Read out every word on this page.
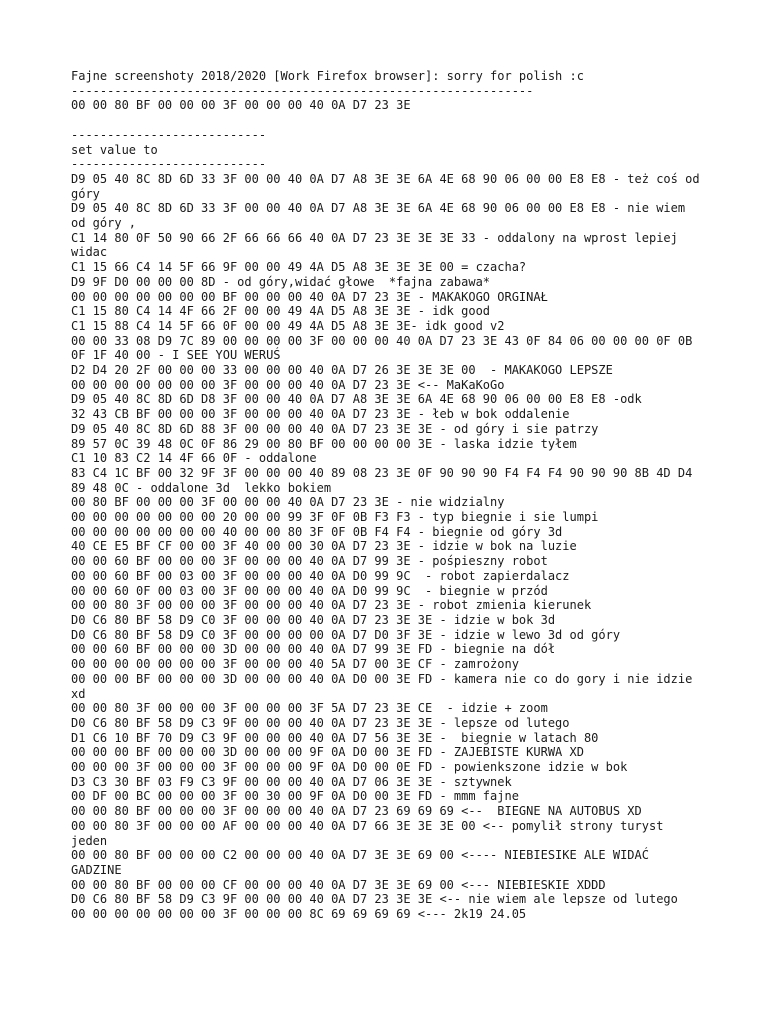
Fajne screenshoty 2018/2020 [Work Firefox browser]: sorry for polish :c
----------------------------------------------------------------
00 00 80 BF 00 00 00 3F 00 00 00 40 0A D7 23 3E
---------------------------
set value to
---------------------------
D9 05 40 8C 8D 6D 33 3F 00 00 40 0A D7 A8 3E 3E 6A 4E 68 90 06 00 00 E8 E8 - też coś od góry
D9 05 40 8C 8D 6D 33 3F 00 00 40 0A D7 A8 3E 3E 6A 4E 68 90 06 00 00 E8 E8 - nie wiem od góry ,
C1 14 80 0F 50 90 66 2F 66 66 66 40 0A D7 23 3E 3E 3E 33 - oddalony na wprost lepiej widac
C1 15 66 C4 14 5F 66 9F 00 00 49 4A D5 A8 3E 3E 3E 00 = czacha?
D9 9F D0 00 00 00 8D - od góry,widać głowe  *fajna zabawa*
00 00 00 00 00 00 00 BF 00 00 00 40 0A D7 23 3E - MAKAKOGO ORGINAŁ
C1 15 80 C4 14 4F 66 2F 00 00 49 4A D5 A8 3E 3E - idk good
C1 15 88 C4 14 5F 66 0F 00 00 49 4A D5 A8 3E 3E- idk good v2
00 00 33 08 D9 7C 89 00 00 00 00 3F 00 00 00 40 0A D7 23 3E 43 0F 84 06 00 00 00 0F 0B 0F 1F 40 00 - I SEE YOU WERUŚ
D2 D4 20 2F 00 00 00 33 00 00 00 40 0A D7 26 3E 3E 3E 00  - MAKAKOGO LEPSZE
00 00 00 00 00 00 00 3F 00 00 00 40 0A D7 23 3E <-- MaKaKoGo
D9 05 40 8C 8D 6D D8 3F 00 00 40 0A D7 A8 3E 3E 6A 4E 68 90 06 00 00 E8 E8 -odk
32 43 CB BF 00 00 00 3F 00 00 00 40 0A D7 23 3E - łeb w bok oddalenie
D9 05 40 8C 8D 6D 88 3F 00 00 00 40 0A D7 23 3E 3E - od góry i sie patrzy
89 57 0C 39 48 0C 0F 86 29 00 80 BF 00 00 00 00 3E - laska idzie tyłem
C1 10 83 C2 14 4F 66 0F - oddalone
83 C4 1C BF 00 32 9F 3F 00 00 00 40 89 08 23 3E 0F 90 90 90 F4 F4 F4 90 90 90 8B 4D D4 89 48 0C - oddalone 3d  lekko bokiem
00 80 BF 00 00 00 3F 00 00 00 40 0A D7 23 3E - nie widzialny
00 00 00 00 00 00 00 20 00 00 99 3F 0F 0B F3 F3 - typ biegnie i sie lumpi
00 00 00 00 00 00 00 40 00 00 80 3F 0F 0B F4 F4 - biegnie od góry 3d
40 CE E5 BF CF 00 00 3F 40 00 00 30 0A D7 23 3E - idzie w bok na luzie
00 00 60 BF 00 00 00 3F 00 00 00 40 0A D7 99 3E - pośpieszny robot
00 00 60 BF 00 03 00 3F 00 00 00 40 0A D0 99 9C  - robot zapierdalacz
00 00 60 0F 00 03 00 3F 00 00 00 40 0A D0 99 9C  - biegnie w przód
00 00 80 3F 00 00 00 3F 00 00 00 40 0A D7 23 3E - robot zmienia kierunek
D0 C6 80 BF 58 D9 C0 3F 00 00 00 40 0A D7 23 3E 3E - idzie w bok 3d
D0 C6 80 BF 58 D9 C0 3F 00 00 00 00 0A D7 D0 3F 3E - idzie w lewo 3d od góry
00 00 60 BF 00 00 00 3D 00 00 00 40 0A D7 99 3E FD - biegnie na dół
00 00 00 00 00 00 00 3F 00 00 00 40 5A D7 00 3E CF - zamrożony
00 00 00 BF 00 00 00 3D 00 00 00 40 0A D0 00 3E FD - kamera nie co do gory i nie idzie xd
00 00 80 3F 00 00 00 3F 00 00 00 3F 5A D7 23 3E CE  - idzie + zoom
D0 C6 80 BF 58 D9 C3 9F 00 00 00 40 0A D7 23 3E 3E - lepsze od lutego
D1 C6 10 BF 70 D9 C3 9F 00 00 00 40 0A D7 56 3E 3E -  biegnie w latach 80
00 00 00 BF 00 00 00 3D 00 00 00 9F 0A D0 00 3E FD - ZAJEBISTE KURWA XD
00 00 00 3F 00 00 00 3F 00 00 00 9F 0A D0 00 0E FD - powienkszone idzie w bok
D3 C3 30 BF 03 F9 C3 9F 00 00 00 40 0A D7 06 3E 3E - sztywnek
00 DF 00 BC 00 00 00 3F 00 30 00 9F 0A D0 00 3E FD - mmm fajne
00 00 80 BF 00 00 00 3F 00 00 00 40 0A D7 23 69 69 69 <--  BIEGNE NA AUTOBUS XD
00 00 80 3F 00 00 00 AF 00 00 00 40 0A D7 66 3E 3E 3E 00 <-- pomylił strony turyst jeden
00 00 80 BF 00 00 00 C2 00 00 00 40 0A D7 3E 3E 69 00 <---- NIEBIESIKE ALE WIDAĆ GADZINE
00 00 80 BF 00 00 00 CF 00 00 00 40 0A D7 3E 3E 69 00 <--- NIEBIESKIE XDDD
D0 C6 80 BF 58 D9 C3 9F 00 00 00 40 0A D7 23 3E 3E <-- nie wiem ale lepsze od lutego
00 00 00 00 00 00 00 3F 00 00 00 8C 69 69 69 69 <--- 2k19 24.05
